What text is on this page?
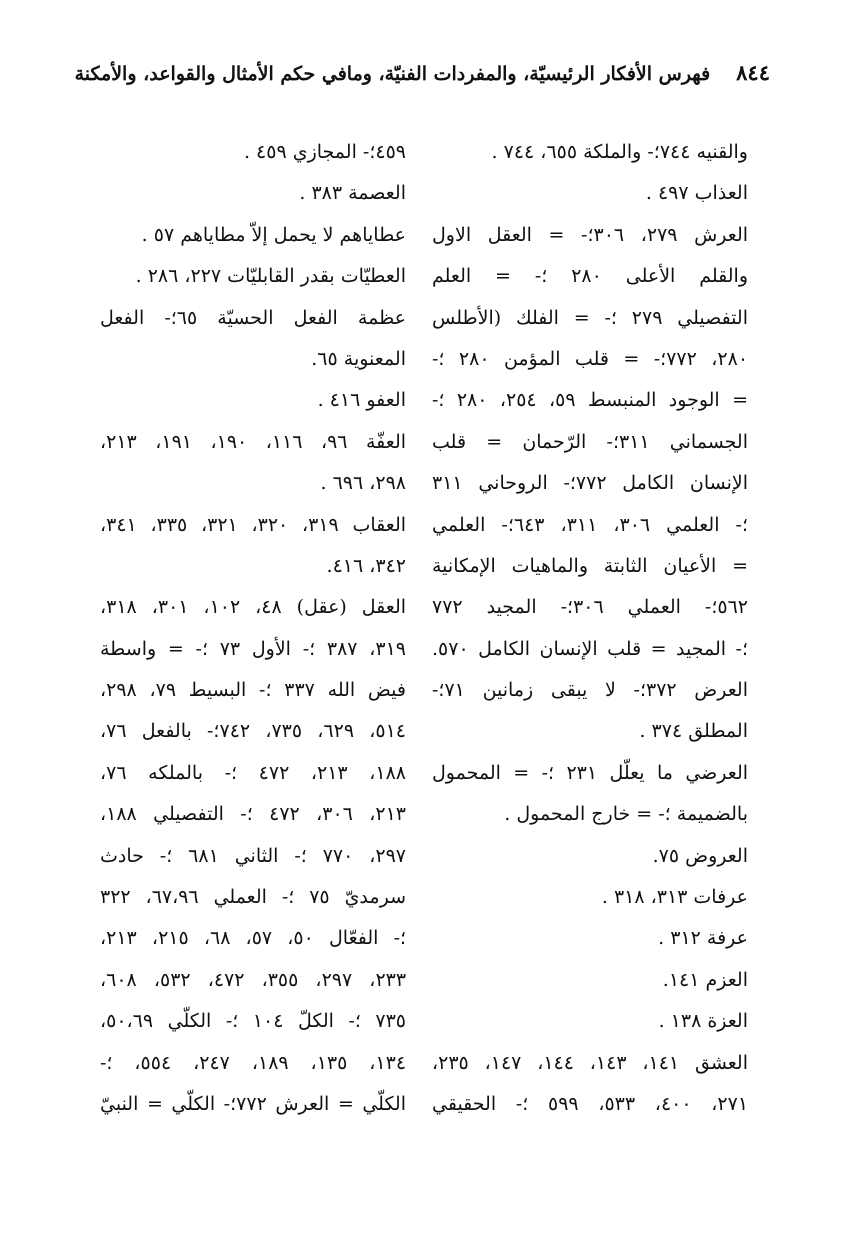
٨٤٤
فهرس الأفكار الرئيسيّة، والمفردات الفنيّة، ومافي حكم الأمثال والقواعد، والأمكنة
والقنيه ٧٤٤؛- والملكة ٦٥٥، ٧٤٤ .
العذاب ٤٩٧ .
العرش ٢٧٩، ٣٠٦؛- = العقل الاول
والقلم الأعلى ٢٨٠ ؛- = العلم
التفصيلي ٢٧٩ ؛- = الفلك (الأطلس
٢٨٠، ٧٧٢؛- = قلب المؤمن ٢٨٠ ؛-
= الوجود المنبسط ٥٩، ٢٥٤، ٢٨٠ ؛-
الجسماني ٣١١؛- الرّحمان = قلب
الإنسان الكامل ٧٧٢؛- الروحاني ٣١١
؛- العلمي ٣٠٦، ٣١١، ٦٤٣؛- العلمي
= الأعيان الثابتة والماهيات الإمكانية
٥٦٢؛- العملي ٣٠٦؛- المجيد ٧٧٢
؛- المجيد = قلب الإنسان الكامل ٥٧٠.
العرض ٣٧٢؛- لا يبقى زمانين ٧١؛-
المطلق ٣٧٤ .
العرضي ما يعلّل ٢٣١ ؛- = المحمول
بالضميمة ؛- = خارج المحمول .
العروض ٧٥.
عرفات ٣١٣، ٣١٨ .
عرفة ٣١٢ .
العزم ١٤١.
العزة ١٣٨ .
العشق ١٤١، ١٤٣، ١٤٤، ١٤٧، ٢٣٥،
٢٧١، ٤٠٠، ٥٣٣، ٥٩٩ ؛- الحقيقي
٤٥٩؛- المجازي ٤٥٩ .
العصمة ٣٨٣ .
عطاياهم لا يحمل إلاّ مطاياهم ٥٧ .
العطيّات بقدر القابليّات ٢٢٧، ٢٨٦ .
عظمة الفعل الحسيّة ٦٥؛- الفعل
المعنوية ٦٥.
العفو ٤١٦ .
العفّة ٩٦، ١١٦، ١٩٠، ١٩١، ٢١٣،
٢٩٨، ٦٩٦ .
العقاب ٣١٩، ٣٢٠، ٣٢١، ٣٣٥، ٣٤١،
٣٤٢، ٤١٦.
العقل (عقل) ٤٨، ١٠٢، ٣٠١، ٣١٨،
٣١٩، ٣٨٧ ؛- الأول ٧٣ ؛- = واسطة
فيض الله ٣٣٧ ؛- البسيط ٧٩، ٢٩٨،
٥١٤، ٦٢٩، ٧٣٥، ٧٤٢؛- بالفعل ٧٦،
١٨٨، ٢١٣، ٤٧٢ ؛- بالملكه ٧٦،
٢١٣، ٣٠٦، ٤٧٢ ؛- التفصيلي ١٨٨،
٢٩٧، ٧٧٠ ؛- الثاني ٦٨١ ؛- حادث
سرمديّ ٧٥ ؛- العملي ٦٧،٩٦، ٣٢٢
؛- الفعّال ٥٠، ٥٧، ٦٨، ٢١٥، ٢١٣،
٢٣٣، ٢٩٧، ٣٥٥، ٤٧٢، ٥٣٢، ٦٠٨،
٧٣٥ ؛- الكلّ ١٠٤ ؛- الكلّي ٥٠،٦٩،
١٣٤، ١٣٥، ١٨٩، ٢٤٧، ٥٥٤، ؛-
الكلّي = العرش ٧٧٢؛- الكلّي = النبيّ
